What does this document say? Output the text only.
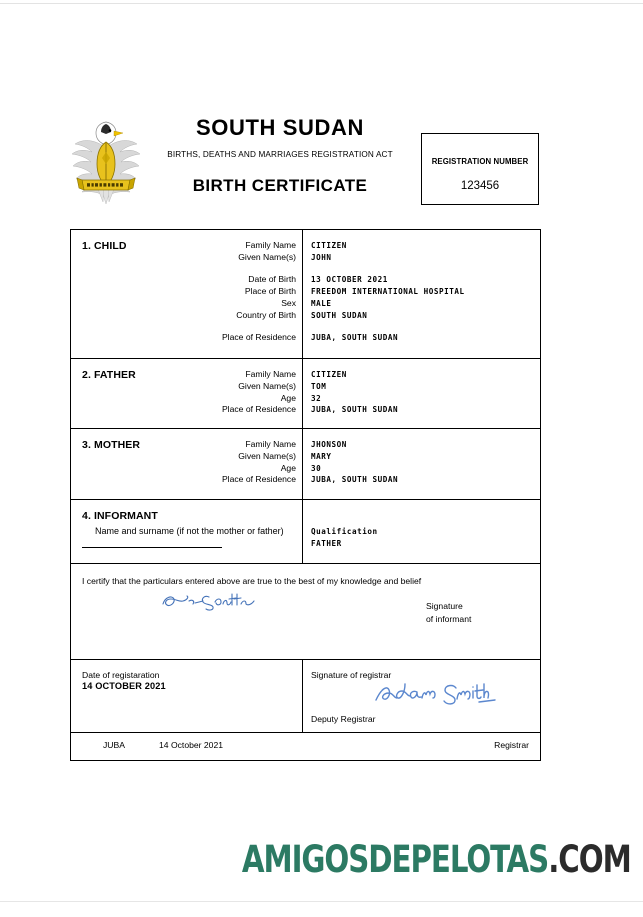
SOUTH SUDAN
BIRTHS, DEATHS AND MARRIAGES REGISTRATION ACT
BIRTH CERTIFICATE
REGISTRATION NUMBER
123456
1. CHILD	Family Name CITIZEN
Given Name(s) JOHN
Date of Birth 13 OCTOBER 2021
Place of Birth FREEDOM INTERNATIONAL HOSPITAL
Sex MALE
Country of Birth SOUTH SUDAN
Place of Residence JUBA, SOUTH SUDAN
2. FATHER	Family Name CITIZEN
Given Name(s) TOM
Age 32
Place of Residence JUBA, SOUTH SUDAN
3. MOTHER	Family Name JHONSON
Given Name(s) MARY
Age 30
Place of Residence JUBA, SOUTH SUDAN
4. INFORMANT
Name and surname (if not the mother or father)	Qualification
FATHER
I certify that the particulars entered above are true to the best of my knowledge and belief
Signature
of informant
Date of registaration
14 OCTOBER 2021
Signature of registrar
Deputy Registrar
JUBA	14 October 2021	Registrar
AMIGOSDEPELOTAS.COM
